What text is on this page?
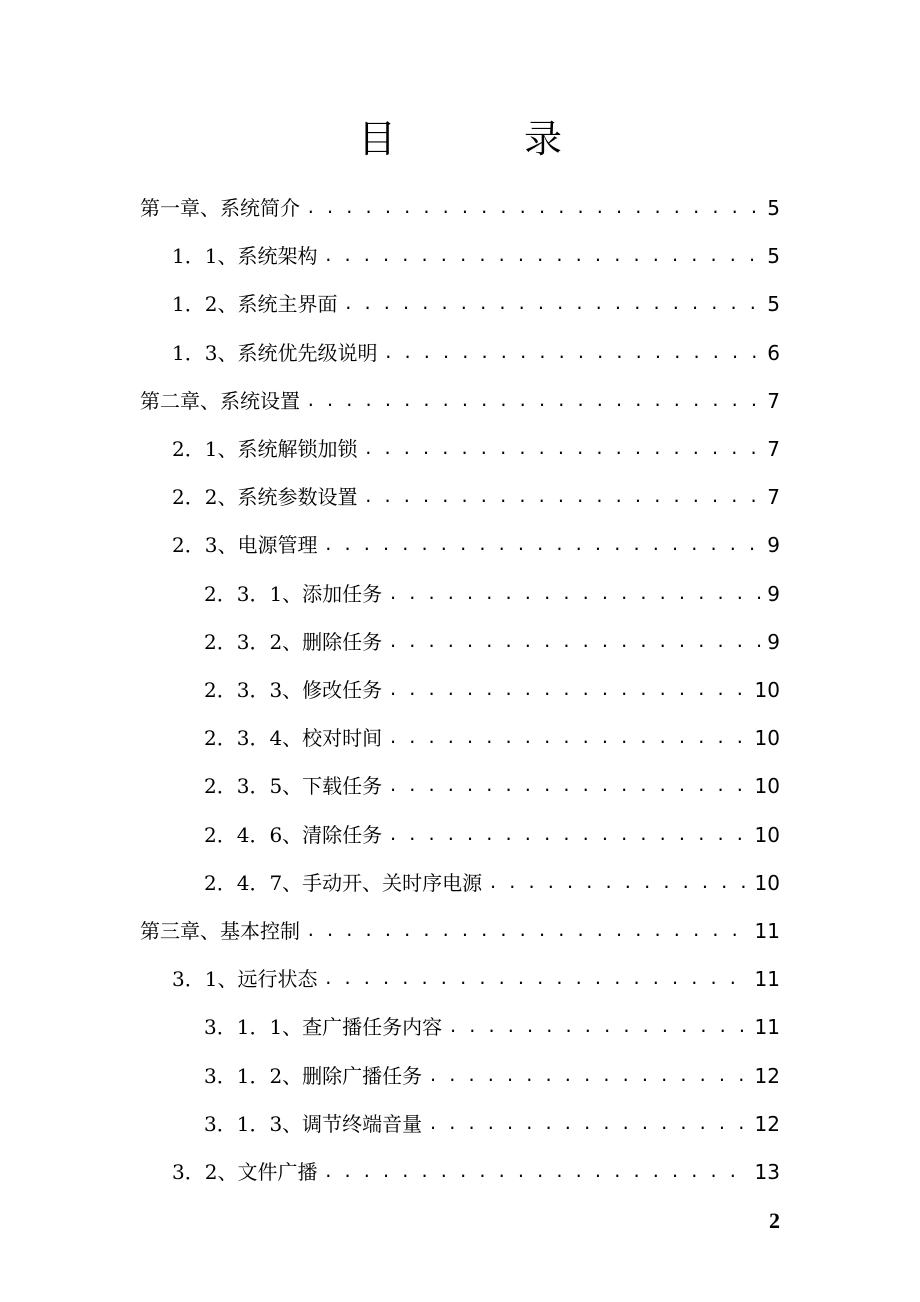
目	录
第一章、系统简介 . . .	5
1．1、系统架构 . . .	5
1．2、系统主界面 . . .	5
1．3、系统优先级说明 . . .	6
第二章、系统设置 . . .	7
2．1、系统解锁加锁 . . .	7
2．2、系统参数设置 . . .	7
2．3、电源管理 . . .	9
2．3．1、添加任务 . . .	9
2．3．2、删除任务 . . .	9
2．3．3、修改任务 . . .	10
2．3．4、校对时间 . . .	10
2．3．5、下载任务 . . .	10
2．4．6、清除任务 . . .	10
2．4．7、手动开、关时序电源 . . .	10
第三章、基本控制 . . .	11
3．1、远行状态 . . .	11
3．1．1、查广播任务内容 . . .	11
3．1．2、删除广播任务 . . .	12
3．1．3、调节终端音量 . . .	12
3．2、文件广播 . . .	13
2
